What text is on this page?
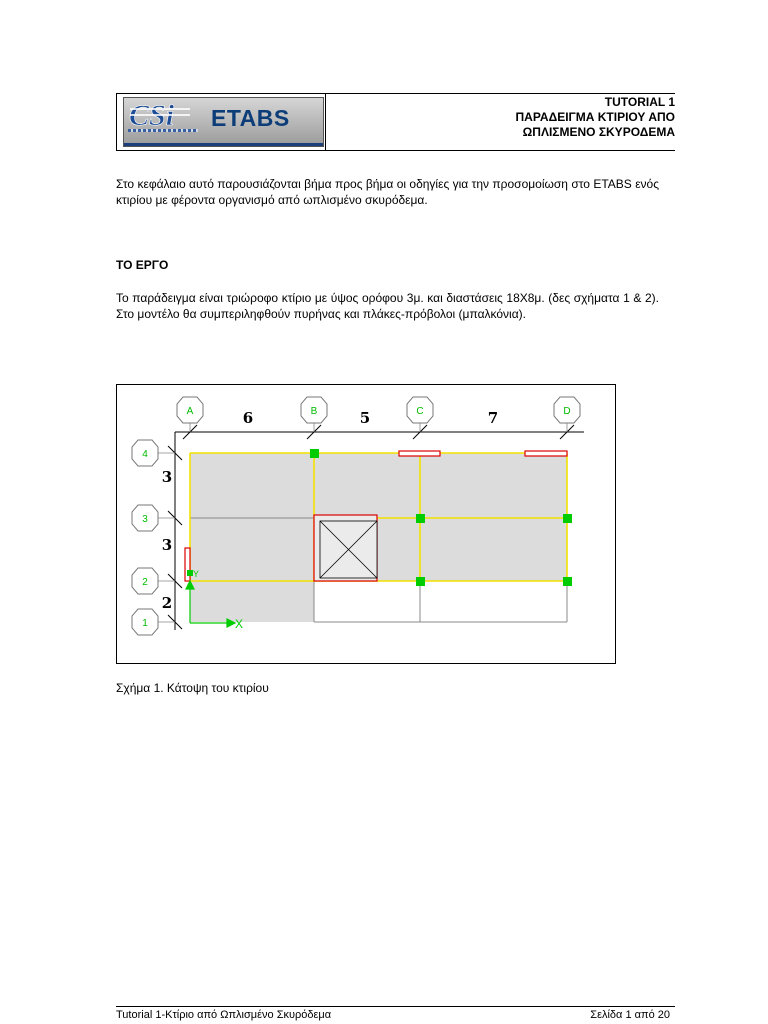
ETABS
TUTORIAL 1
ΠΑΡΑΔΕΙΓΜΑ ΚΤΙΡΙΟΥ ΑΠΟ
ΩΠΛΙΣΜΕΝΟ ΣΚΥΡΟΔΕΜΑ
Στο κεφάλαιο αυτό παρουσιάζονται βήμα προς βήμα οι οδηγίες για την προσομοίωση στο ETABS ενός κτιρίου με φέροντα οργανισμό από ωπλισμένο σκυρόδεμα.
ΤΟ ΕΡΓΟ
Το παράδειγμα είναι τριώροφο κτίριο με ύψος ορόφου 3μ. και διαστάσεις 18Χ8μ. (δες σχήματα 1 & 2). Στο μοντέλο θα συμπεριληφθούν πυρήνας και πλάκες-πρόβολοι (μπαλκόνια).
A	B	C	D
4
3
2
1
6	5	7
3
3
2
X
Y
Σχήμα 1. Κάτοψη του κτιρίου
Tutorial 1-Κτίριο από Ωπλισμένο Σκυρόδεμα	Σελίδα 1 από 20
